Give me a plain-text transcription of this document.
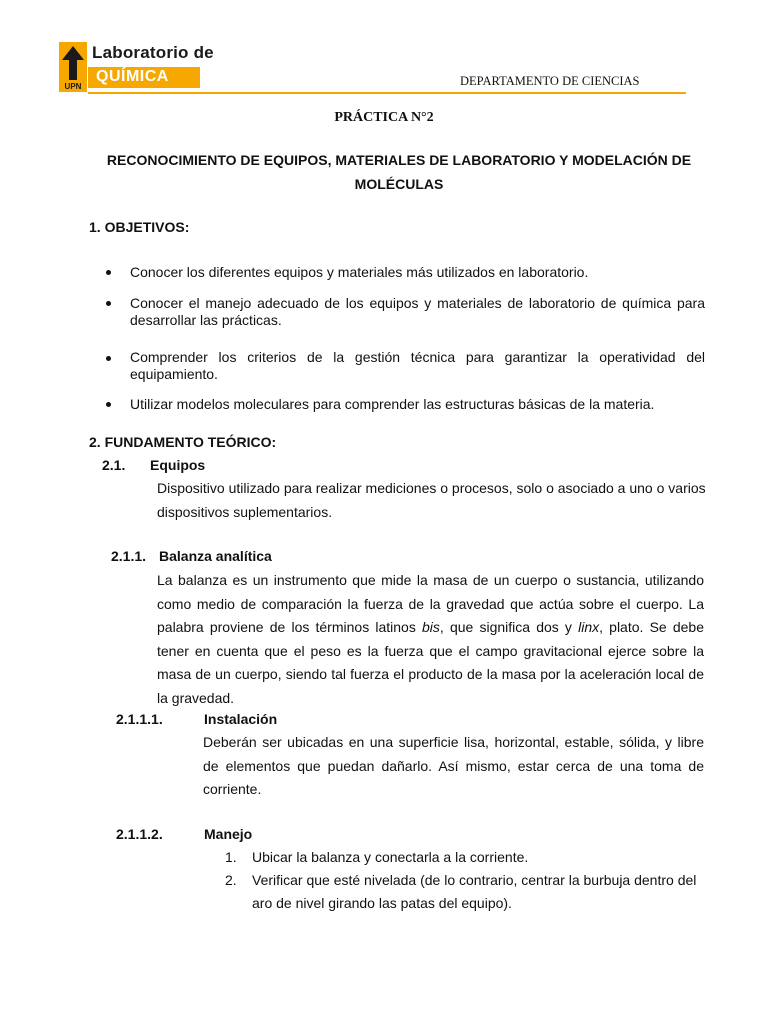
UPN
Laboratorio de
QUÍMICA	DEPARTAMENTO DE CIENCIAS
PRÁCTICA N°2
RECONOCIMIENTO DE EQUIPOS, MATERIALES DE LABORATORIO Y MODELACIÓN DE
MOLÉCULAS
1. OBJETIVOS:
Conocer los diferentes equipos y materiales más utilizados en laboratorio.
Conocer el manejo adecuado de los equipos y materiales de laboratorio de química para desarrollar las prácticas.
Comprender los criterios de la gestión técnica para garantizar la operatividad del equipamiento.
Utilizar modelos moleculares para comprender las estructuras básicas de la materia.
2. FUNDAMENTO TEÓRICO:
2.1. Equipos
Dispositivo utilizado para realizar mediciones o procesos, solo o asociado a uno o varios dispositivos suplementarios.
2.1.1. Balanza analítica
La balanza es un instrumento que mide la masa de un cuerpo o sustancia, utilizando como medio de comparación la fuerza de la gravedad que actúa sobre el cuerpo. La palabra proviene de los términos latinos bis, que significa dos y linx, plato. Se debe tener en cuenta que el peso es la fuerza que el campo gravitacional ejerce sobre la masa de un cuerpo, siendo tal fuerza el producto de la masa por la aceleración local de la gravedad.
2.1.1.1.	Instalación
Deberán ser ubicadas en una superficie lisa, horizontal, estable, sólida, y libre de elementos que puedan dañarlo. Así mismo, estar cerca de una toma de corriente.
2.1.1.2.	Manejo
1. Ubicar la balanza y conectarla a la corriente.
2. Verificar que esté nivelada (de lo contrario, centrar la burbuja dentro del aro de nivel girando las patas del equipo).
